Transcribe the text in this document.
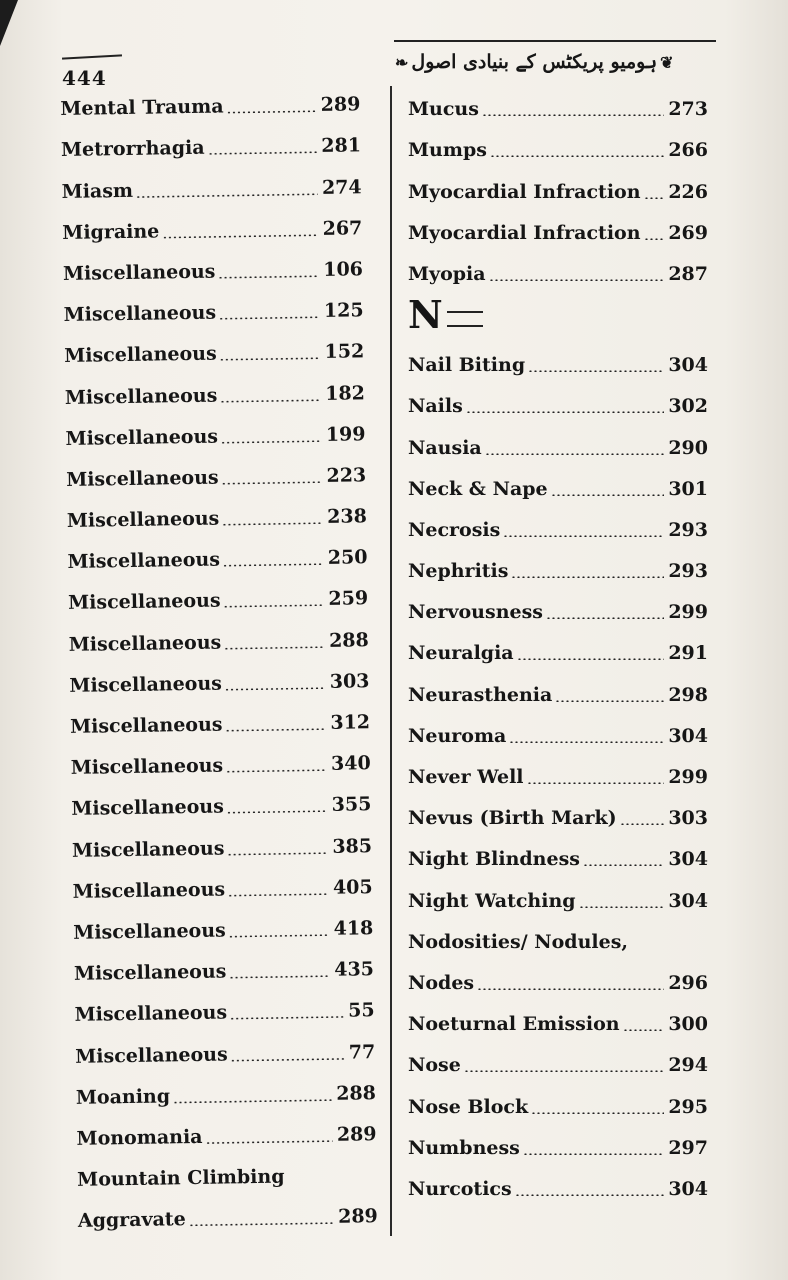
444
❦
ہومیو پریکٹس کے بنیادی اصول
❧
Mental Trauma	289
Metrorrhagia	281
Miasm	274
Migraine	267
Miscellaneous	106
Miscellaneous	125
Miscellaneous	152
Miscellaneous	182
Miscellaneous	199
Miscellaneous	223
Miscellaneous	238
Miscellaneous	250
Miscellaneous	259
Miscellaneous	288
Miscellaneous	303
Miscellaneous	312
Miscellaneous	340
Miscellaneous	355
Miscellaneous	385
Miscellaneous	405
Miscellaneous	418
Miscellaneous	435
Miscellaneous	55
Miscellaneous	77
Moaning	288
Monomania	289
Mountain Climbing
Aggravate	289
Mucus	273
Mumps	266
Myocardial Infraction 226
Myocardial Infraction 269
Myopia	287
N
Nail Biting	304
Nails	302
Nausia	290
Neck & Nape	301
Necrosis	293
Nephritis	293
Nervousness	299
Neuralgia	291
Neurasthenia	298
Neuroma	304
Never Well	299
Nevus (Birth Mark)	303
Night Blindness	304
Night Watching	304
Nodosities/ Nodules,
Nodes	296
Noeturnal Emission	300
Nose	294
Nose Block	295
Numbness	297
Nurcotics	304
